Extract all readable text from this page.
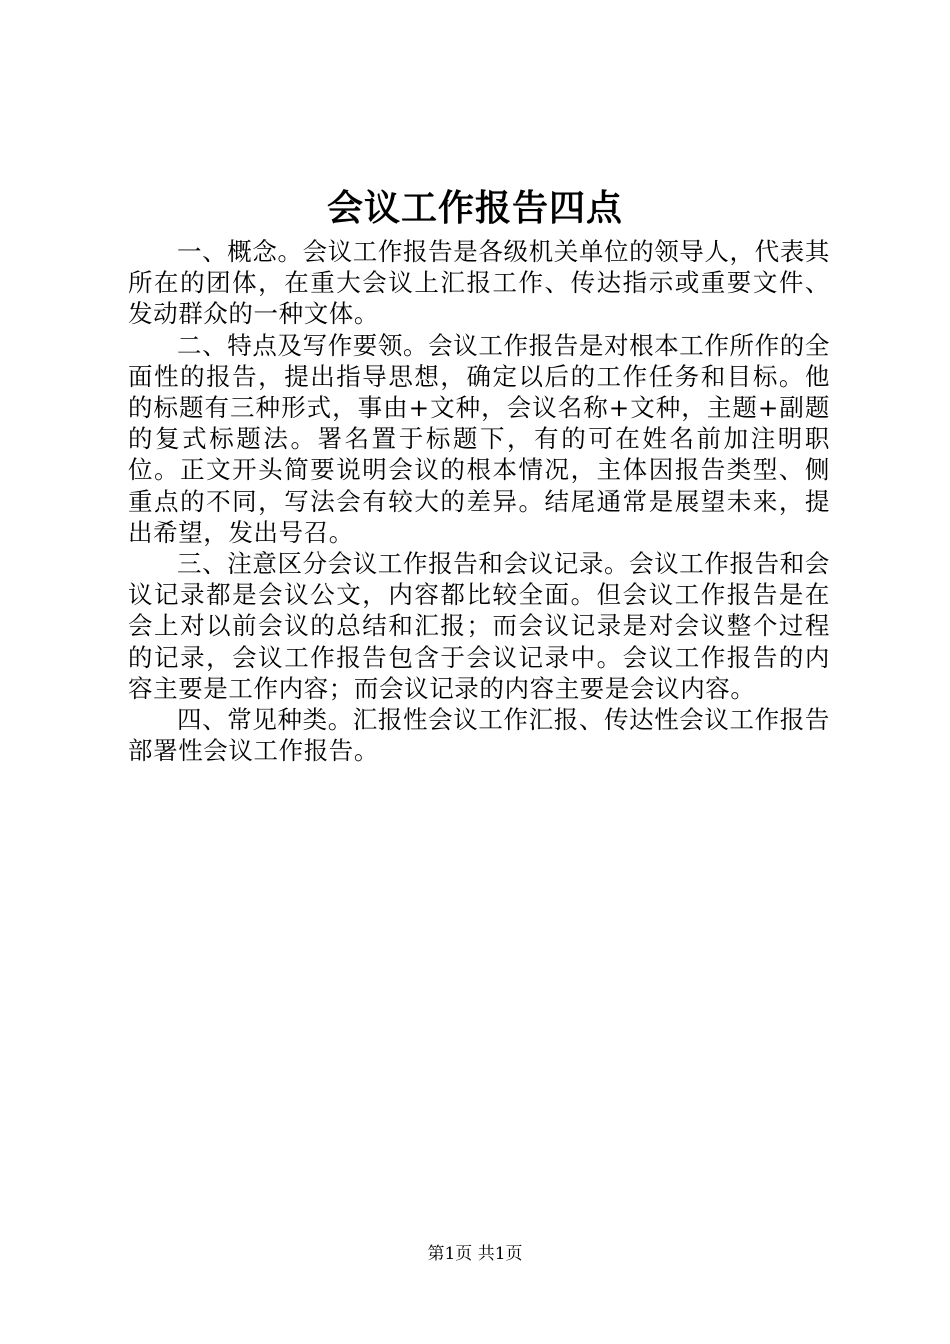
会议工作报告四点

一、概念。会议工作报告是各级机关单位的领导人，代表其所在的团体，在重大会议上汇报工作、传达指示或重要文件、发动群众的一种文体。

二、特点及写作要领。会议工作报告是对根本工作所作的全面性的报告，提出指导思想，确定以后的工作任务和目标。他的标题有三种形式，事由+文种，会议名称+文种，主题+副题的复式标题法。署名置于标题下，有的可在姓名前加注明职位。正文开头简要说明会议的根本情况，主体因报告类型、侧重点的不同，写法会有较大的差异。结尾通常是展望未来，提出希望，发出号召。

三、注意区分会议工作报告和会议记录。会议工作报告和会议记录都是会议公文，内容都比较全面。但会议工作报告是在会上对以前会议的总结和汇报；而会议记录是对会议整个过程的记录，会议工作报告包含于会议记录中。会议工作报告的内容主要是工作内容；而会议记录的内容主要是会议内容。

四、常见种类。汇报性会议工作汇报、传达性会议工作报告部署性会议工作报告。

第1页 共1页
